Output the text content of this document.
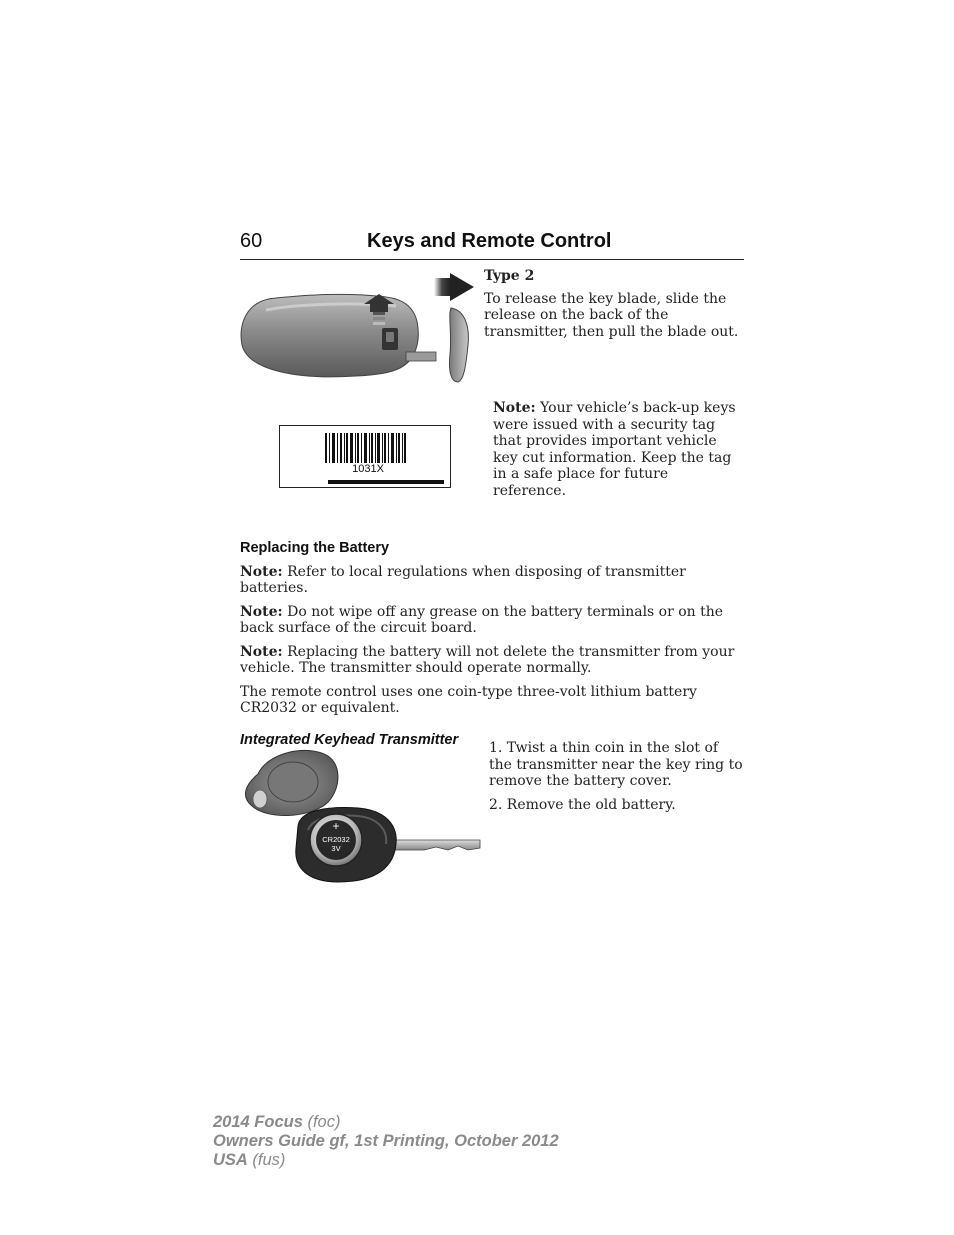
60	Keys and Remote Control

Type 2

To release the key blade, slide the release on the back of the transmitter, then pull the blade out.

1031X

Note: Your vehicle’s back-up keys were issued with a security tag that provides important vehicle key cut information. Keep the tag in a safe place for future reference.

Replacing the Battery

Note: Refer to local regulations when disposing of transmitter batteries.

Note: Do not wipe off any grease on the battery terminals or on the back surface of the circuit board.

Note: Replacing the battery will not delete the transmitter from your vehicle. The transmitter should operate normally.

The remote control uses one coin-type three-volt lithium battery CR2032 or equivalent.

Integrated Keyhead Transmitter

+
CR2032
3V

1. Twist a thin coin in the slot of the transmitter near the key ring to remove the battery cover.

2. Remove the old battery.

2014 Focus (foc)
Owners Guide gf, 1st Printing, October 2012
USA (fus)
